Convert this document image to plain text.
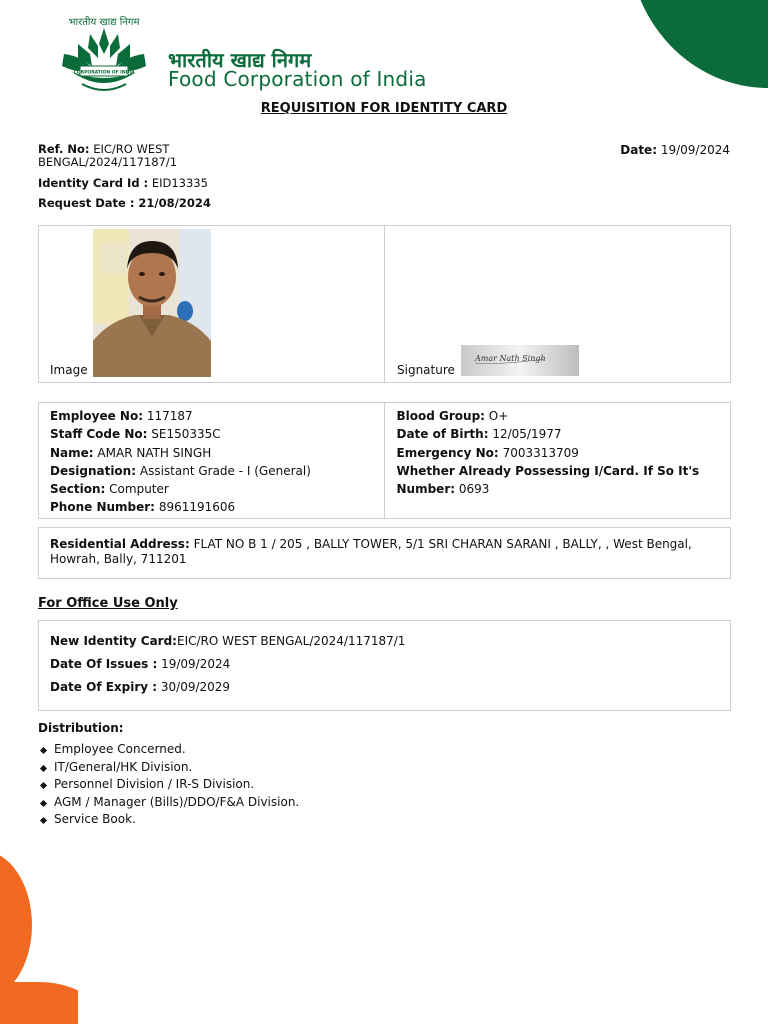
भारतीय खाद्य निगम
CORPORATION OF INDIA
भारतीय खाद्य निगम
Food Corporation of India
REQUISITION FOR IDENTITY CARD
Ref. No: EIC/RO WEST BENGAL/2024/117187/1
Date: 19/09/2024
Identity Card Id : EID13335
Request Date : 21/08/2024
Image	Signature
Amar Nath Singh
Employee No: 117187
Staff Code No: SE150335C
Name: AMAR NATH SINGH
Designation: Assistant Grade - I (General)
Section: Computer
Phone Number: 8961191606
Blood Group: O+
Date of Birth: 12/05/1977
Emergency No: 7003313709
Whether Already Possessing I/Card. If So It's
Number: 0693
Residential Address: FLAT NO B 1 / 205 , BALLY TOWER, 5/1 SRI CHARAN SARANI , BALLY, , West Bengal, Howrah, Bally, 711201
For Office Use Only
New Identity Card:EIC/RO WEST BENGAL/2024/117187/1
Date Of Issues : 19/09/2024
Date Of Expiry : 30/09/2029
Distribution:
Employee Concerned.
IT/General/HK Division.
Personnel Division / IR-S Division.
AGM / Manager (Bills)/DDO/F&A Division.
Service Book.
